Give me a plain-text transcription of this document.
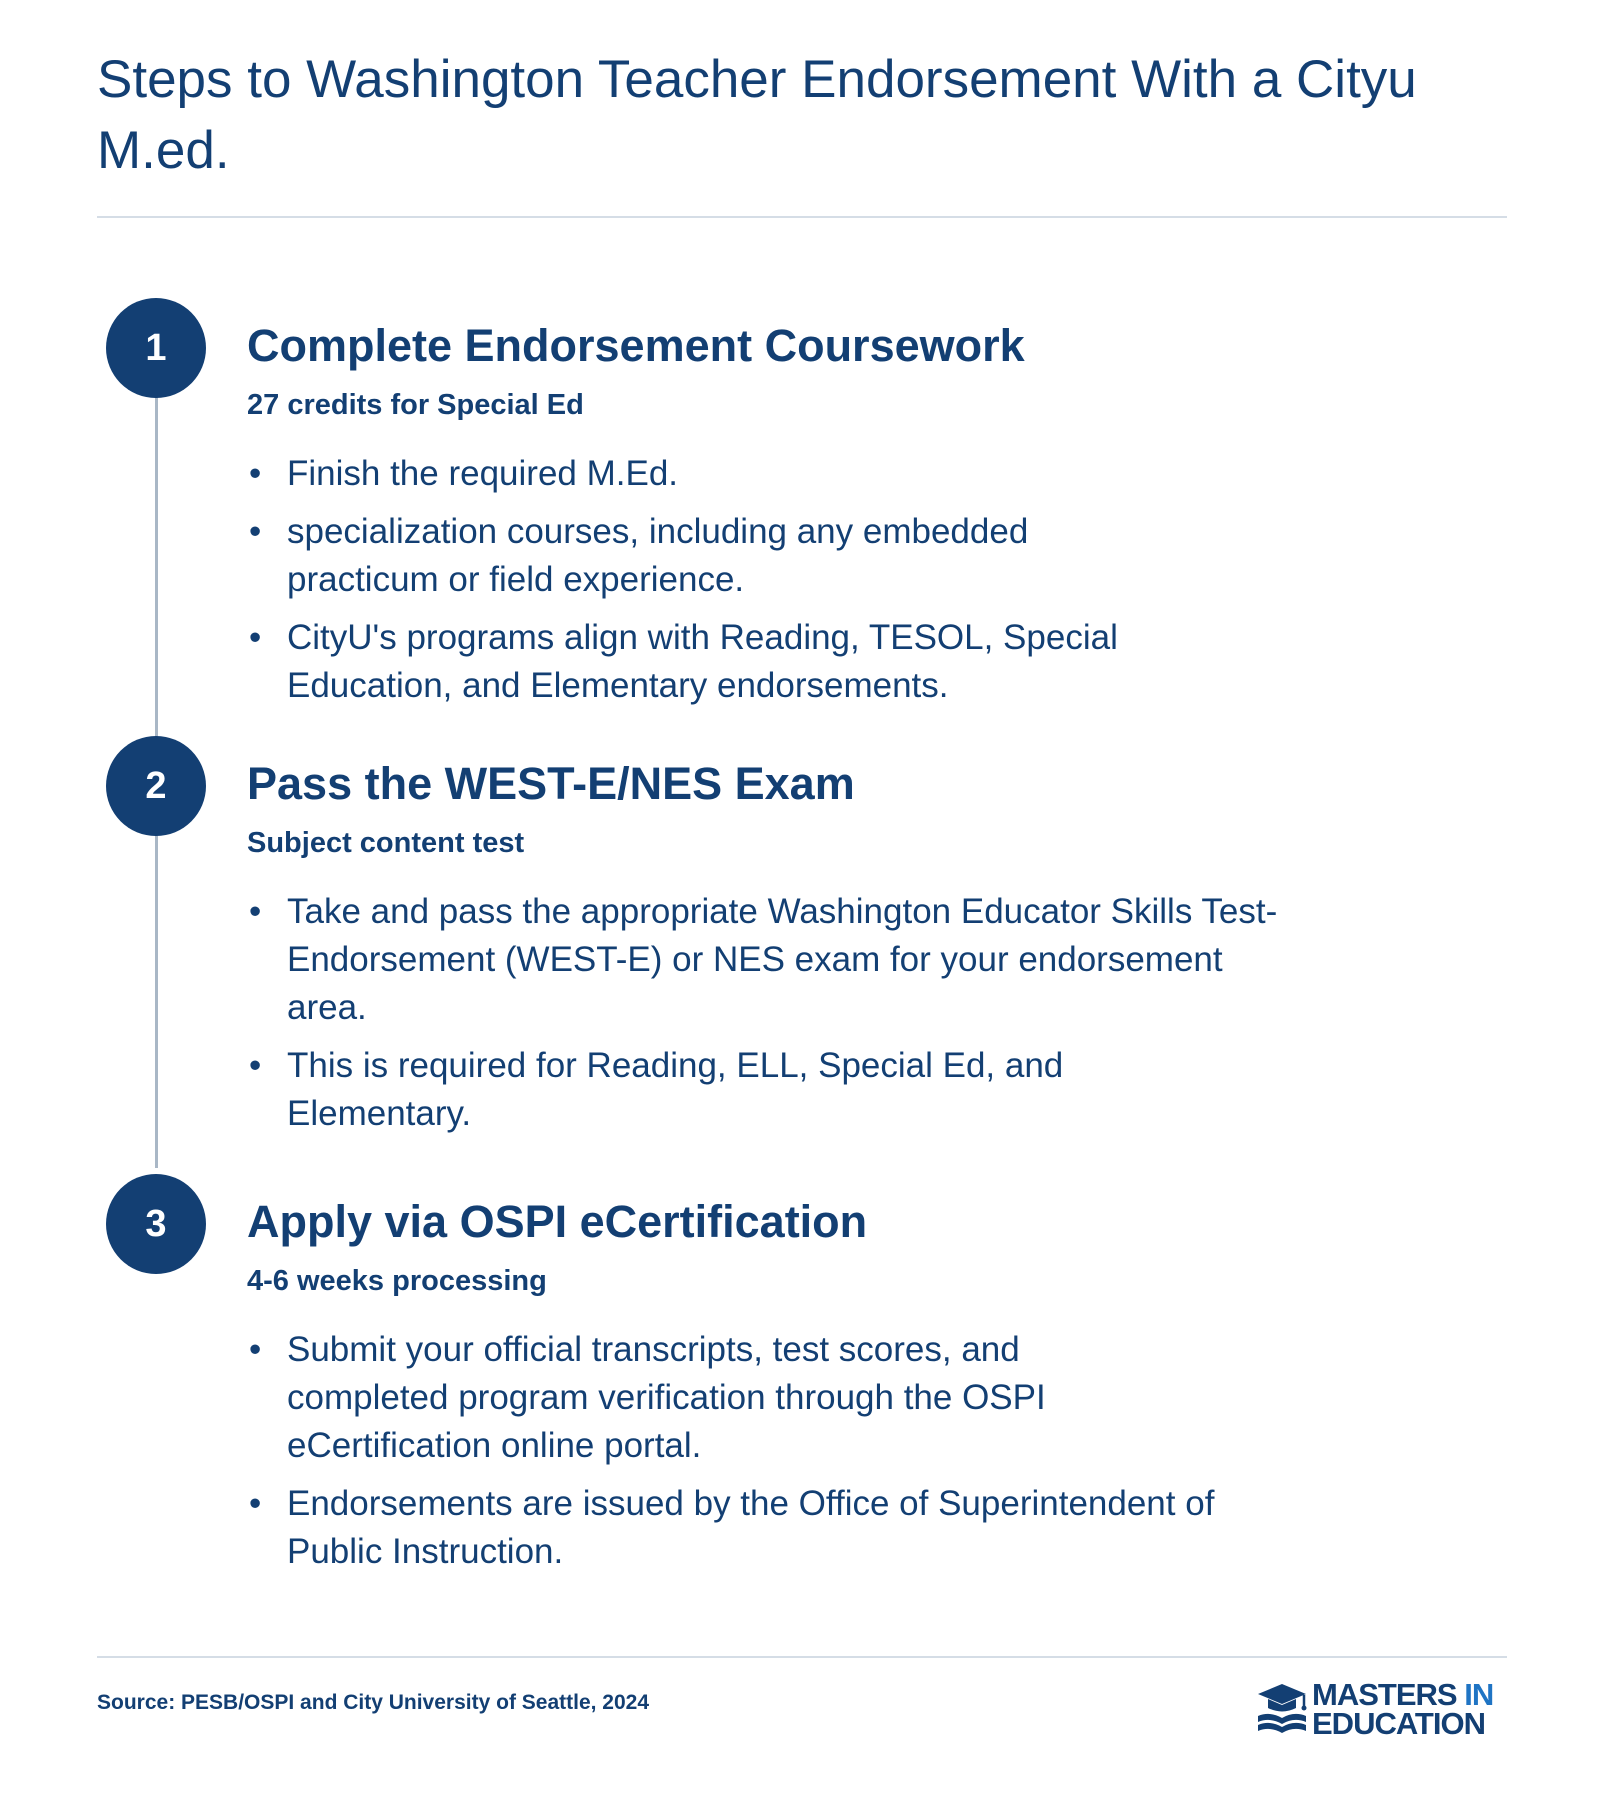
Steps to Washington Teacher Endorsement With a Cityu M.ed.
1	Complete Endorsement Coursework
27 credits for Special Ed
• Finish the required M.Ed.
• specialization courses, including any embedded practicum or field experience.
• CityU's programs align with Reading, TESOL, Special Education, and Elementary endorsements.
2	Pass the WEST-E/NES Exam
Subject content test
• Take and pass the appropriate Washington Educator Skills Test-Endorsement (WEST-E) or NES exam for your endorsement area.
• This is required for Reading, ELL, Special Ed, and Elementary.
3	Apply via OSPI eCertification
4-6 weeks processing
• Submit your official transcripts, test scores, and completed program verification through the OSPI eCertification online portal.
• Endorsements are issued by the Office of Superintendent of Public Instruction.
Source: PESB/OSPI and City University of Seattle, 2024	MASTERS IN
EDUCATION
